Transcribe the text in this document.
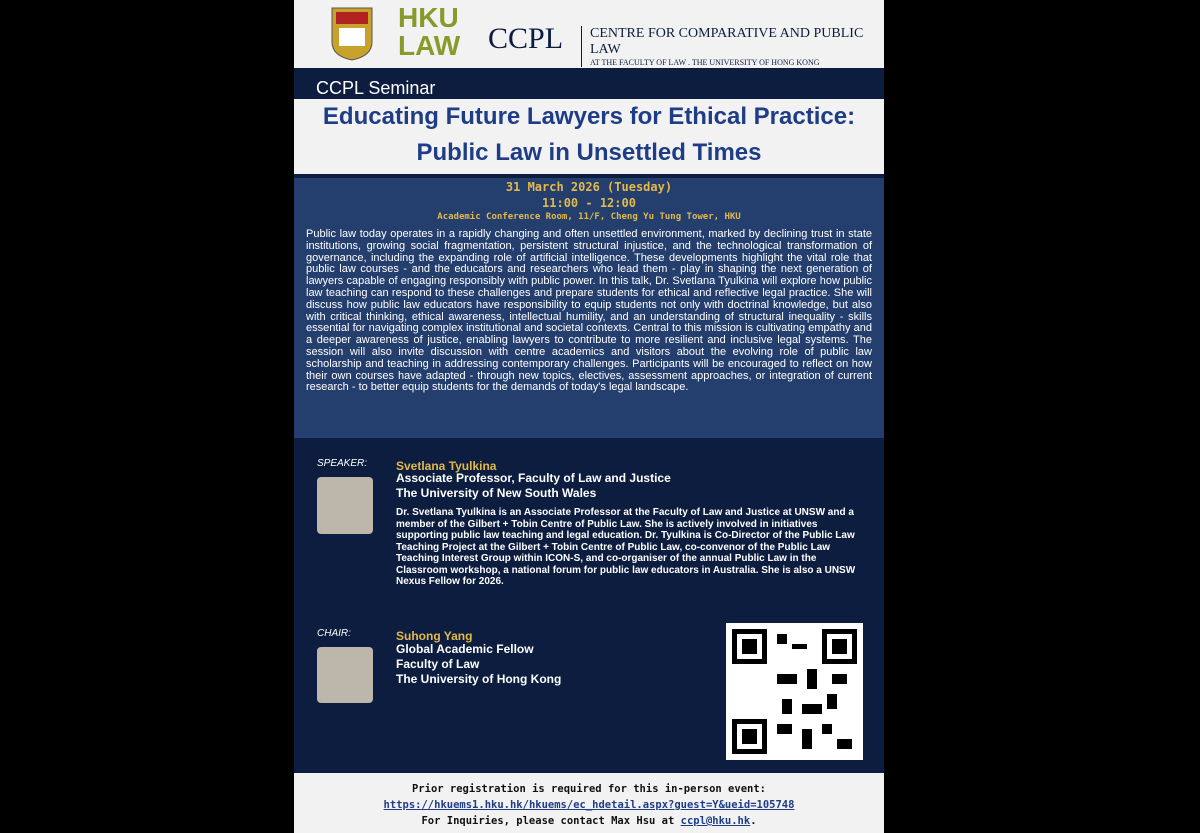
HKU
LAW CCPL CENTRE FOR COMPARATIVE AND PUBLIC LAW
AT THE FACULTY OF LAW . THE UNIVERSITY OF HONG KONG
CCPL Seminar
Educating Future Lawyers for Ethical Practice:
Public Law in Unsettled Times
31 March 2026 (Tuesday)
11:00 - 12:00
Academic Conference Room, 11/F, Cheng Yu Tung Tower, HKU
Public law today operates in a rapidly changing and often unsettled environment, marked by declining trust in state institutions, growing social fragmentation, persistent structural injustice, and the technological transformation of governance, including the expanding role of artificial intelligence. These developments highlight the vital role that public law courses - and the educators and researchers who lead them - play in shaping the next generation of lawyers capable of engaging responsibly with public power. In this talk, Dr. Svetlana Tyulkina will explore how public law teaching can respond to these challenges and prepare students for ethical and reflective legal practice. She will discuss how public law educators have responsibility to equip students not only with doctrinal knowledge, but also with critical thinking, ethical awareness, intellectual humility, and an understanding of structural inequality - skills essential for navigating complex institutional and societal contexts. Central to this mission is cultivating empathy and a deeper awareness of justice, enabling lawyers to contribute to more resilient and inclusive legal systems. The session will also invite discussion with centre academics and visitors about the evolving role of public law scholarship and teaching in addressing contemporary challenges. Participants will be encouraged to reflect on how their own courses have adapted - through new topics, electives, assessment approaches, or integration of current research - to better equip students for the demands of today's legal landscape.
SPEAKER: Svetlana Tyulkina
Associate Professor, Faculty of Law and Justice
The University of New South Wales
Dr. Svetlana Tyulkina is an Associate Professor at the Faculty of Law and Justice at UNSW and a member of the Gilbert + Tobin Centre of Public Law. She is actively involved in initiatives supporting public law teaching and legal education. Dr. Tyulkina is Co-Director of the Public Law Teaching Project at the Gilbert + Tobin Centre of Public Law, co-convenor of the Public Law Teaching Interest Group within ICON-S, and co-organiser of the annual Public Law in the Classroom workshop, a national forum for public law educators in Australia. She is also a UNSW Nexus Fellow for 2026.
CHAIR:	Suhong Yang
Global Academic Fellow
Faculty of Law
The University of Hong Kong
Prior registration is required for this in-person event:
https://hkuems1.hku.hk/hkuems/ec_hdetail.aspx?guest=Y&ueid=105748
For Inquiries, please contact Max Hsu at ccpl@hku.hk.
